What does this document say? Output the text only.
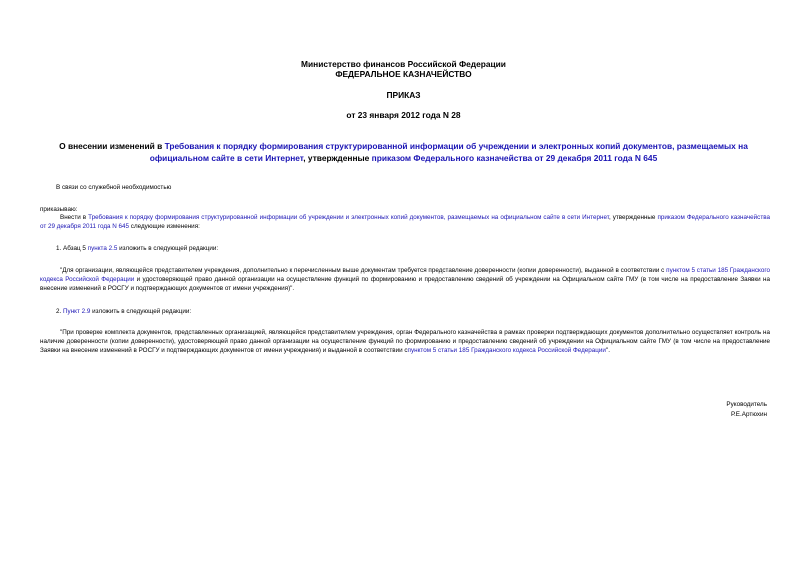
Министерство финансов Российской Федерации
ФЕДЕРАЛЬНОЕ КАЗНАЧЕЙСТВО
ПРИКАЗ
от 23 января 2012 года N 28
О внесении изменений в Требования к порядку формирования структурированной информации об учреждении и электронных копий документов, размещаемых на официальном сайте в сети Интернет, утвержденные приказом Федерального казначейства от 29 декабря 2011 года N 645
В связи со служебной необходимостью
приказываю:
Внести в Требования к порядку формирования структурированной информации об учреждении и электронных копий документов, размещаемых на официальном сайте в сети Интернет, утвержденные приказом Федерального казначейства от 29 декабря 2011 года N 645 следующие изменения:
1. Абзац 5 пункта 2.5 изложить в следующей редакции:
"Для организации, являющейся представителем учреждения, дополнительно к перечисленным выше документам требуется представление доверенности (копии доверенности), выданной в соответствии с пунктом 5 статьи 185 Гражданского кодекса Российской Федерации и удостоверяющей право данной организации на осуществление функций по формированию и предоставлению сведений об учреждении на Официальном сайте ГМУ (в том числе на предоставление Заявки на внесение изменений в РОСГУ и подтверждающих документов от имени учреждения)".
2. Пункт 2.9 изложить в следующей редакции:
"При проверке комплекта документов, представленных организацией, являющейся представителем учреждения, орган Федерального казначейства в рамках проверки подтверждающих документов дополнительно осуществляет контроль на наличие доверенности (копии доверенности), удостоверяющей право данной организации на осуществление функций по формированию и предоставлению сведений об учреждении на Официальном сайте ГМУ (в том числе на предоставление Заявки на внесение изменений в РОСГУ и подтверждающих документов от имени учреждения) и выданной в соответствии спунктом 5 статьи 185 Гражданского кодекса Российской Федерации".
Руководитель
Р.Е.Артюхин
